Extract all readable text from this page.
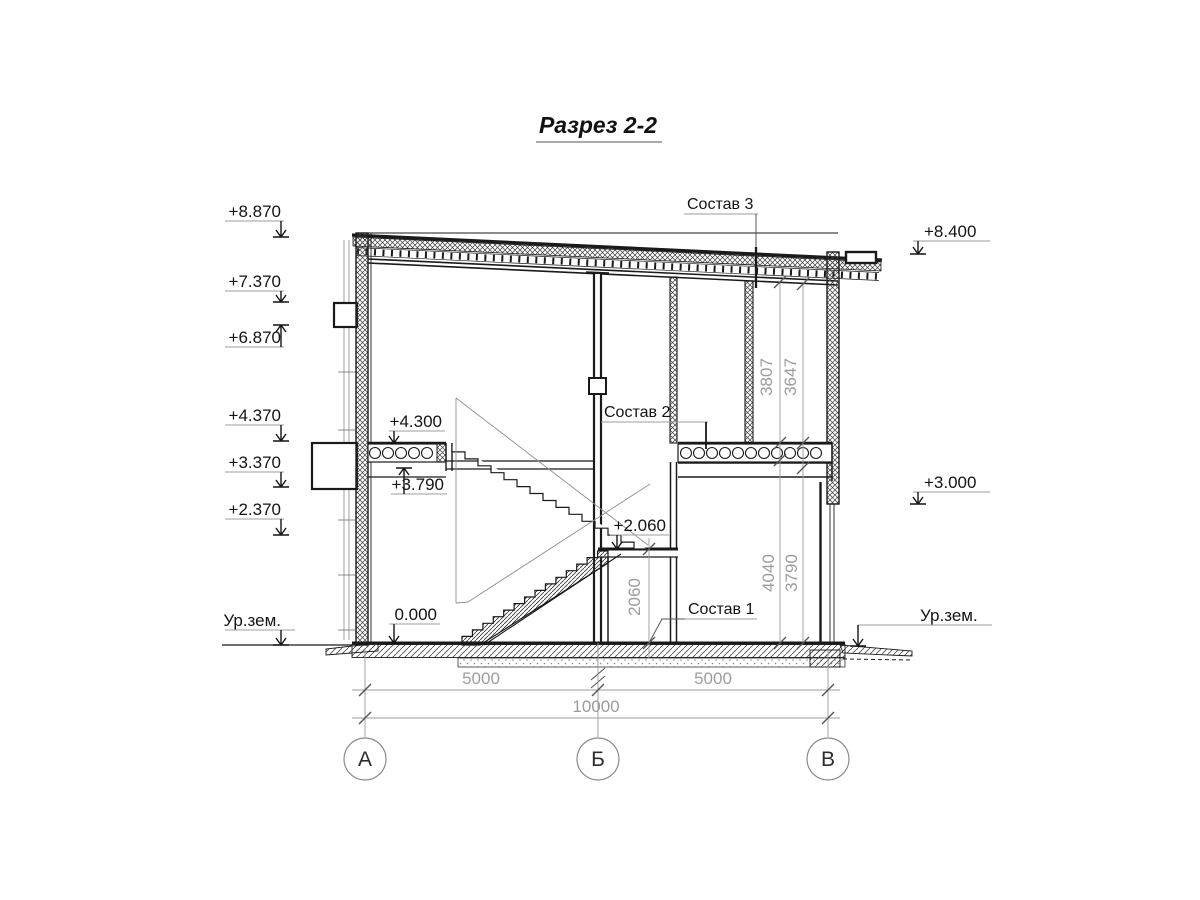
5000	5000
10000
3807 3647
4040 3790
2060
А	Б	В
+8.870
+7.370
+6.870
+4.370
+3.370
+2.370
Ур.зем.
+8.400
+3.000
Ур.зем.
+4.300
+3.790
+2.060
0.000
Состав 3
Состав 2
Состав 1
Разрез 2-2
